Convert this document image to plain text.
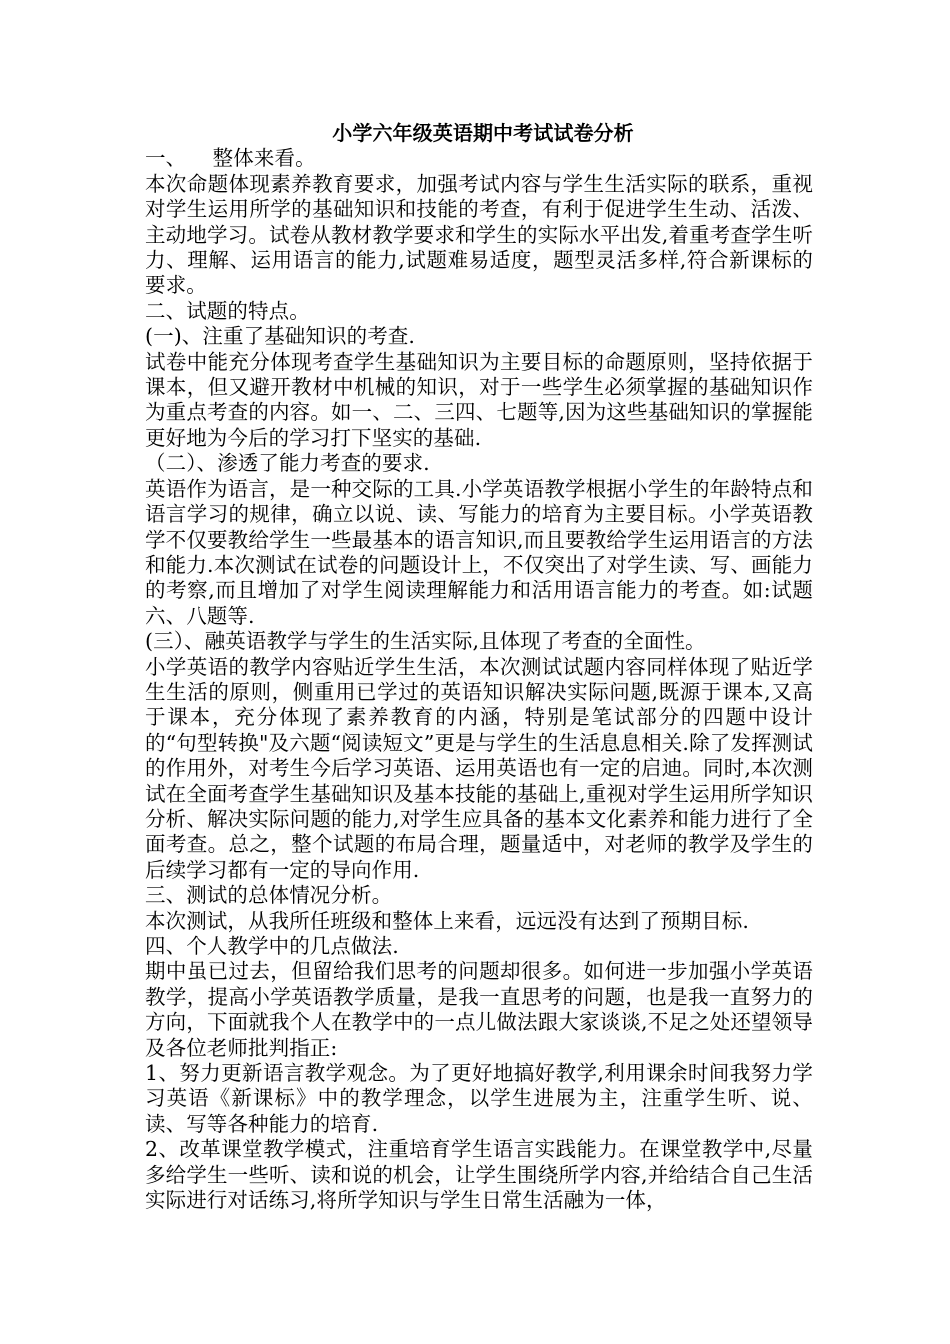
小学六年级英语期中考试试卷分析

一、    整体来看。

本次命题体现素养教育要求，加强考试内容与学生生活实际的联系，重视对学生运用所学的基础知识和技能的考查，有利于促进学生生动、活泼、主动地学习。试卷从教材教学要求和学生的实际水平出发,着重考查学生听力、理解、运用语言的能力,试题难易适度，题型灵活多样,符合新课标的要求。

二、试题的特点。

(一)、注重了基础知识的考查.

试卷中能充分体现考查学生基础知识为主要目标的命题原则，坚持依据于课本，但又避开教材中机械的知识，对于一些学生必须掌握的基础知识作为重点考查的内容。如一、二、三四、七题等,因为这些基础知识的掌握能更好地为今后的学习打下坚实的基础.

（二）、渗透了能力考查的要求.

英语作为语言，是一种交际的工具.小学英语教学根据小学生的年龄特点和语言学习的规律，确立以说、读、写能力的培育为主要目标。小学英语教学不仅要教给学生一些最基本的语言知识,而且要教给学生运用语言的方法和能力.本次测试在试卷的问题设计上，不仅突出了对学生读、写、画能力的考察,而且增加了对学生阅读理解能力和活用语言能力的考查。如:试题六、八题等.

(三）、融英语教学与学生的生活实际,且体现了考查的全面性。

小学英语的教学内容贴近学生生活，本次测试试题内容同样体现了贴近学生生活的原则，侧重用已学过的英语知识解决实际问题,既源于课本,又高于课本，充分体现了素养教育的内涵，特别是笔试部分的四题中设计的“句型转换"及六题“阅读短文”更是与学生的生活息息相关.除了发挥测试的作用外，对考生今后学习英语、运用英语也有一定的启迪。同时,本次测试在全面考查学生基础知识及基本技能的基础上,重视对学生运用所学知识分析、解决实际问题的能力,对学生应具备的基本文化素养和能力进行了全面考查。总之，整个试题的布局合理，题量适中，对老师的教学及学生的后续学习都有一定的导向作用.

三、测试的总体情况分析。

本次测试，从我所任班级和整体上来看，远远没有达到了预期目标.

四、个人教学中的几点做法.

期中虽已过去，但留给我们思考的问题却很多。如何进一步加强小学英语教学，提高小学英语教学质量，是我一直思考的问题，也是我一直努力的方向，下面就我个人在教学中的一点儿做法跟大家谈谈,不足之处还望领导及各位老师批判指正:

1、努力更新语言教学观念。为了更好地搞好教学,利用课余时间我努力学习英语《新课标》中的教学理念，以学生进展为主，注重学生听、说、读、写等各种能力的培育.

2、改革课堂教学模式，注重培育学生语言实践能力。在课堂教学中,尽量多给学生一些听、读和说的机会，让学生围绕所学内容,并给结合自己生活实际进行对话练习,将所学知识与学生日常生活融为一体，
